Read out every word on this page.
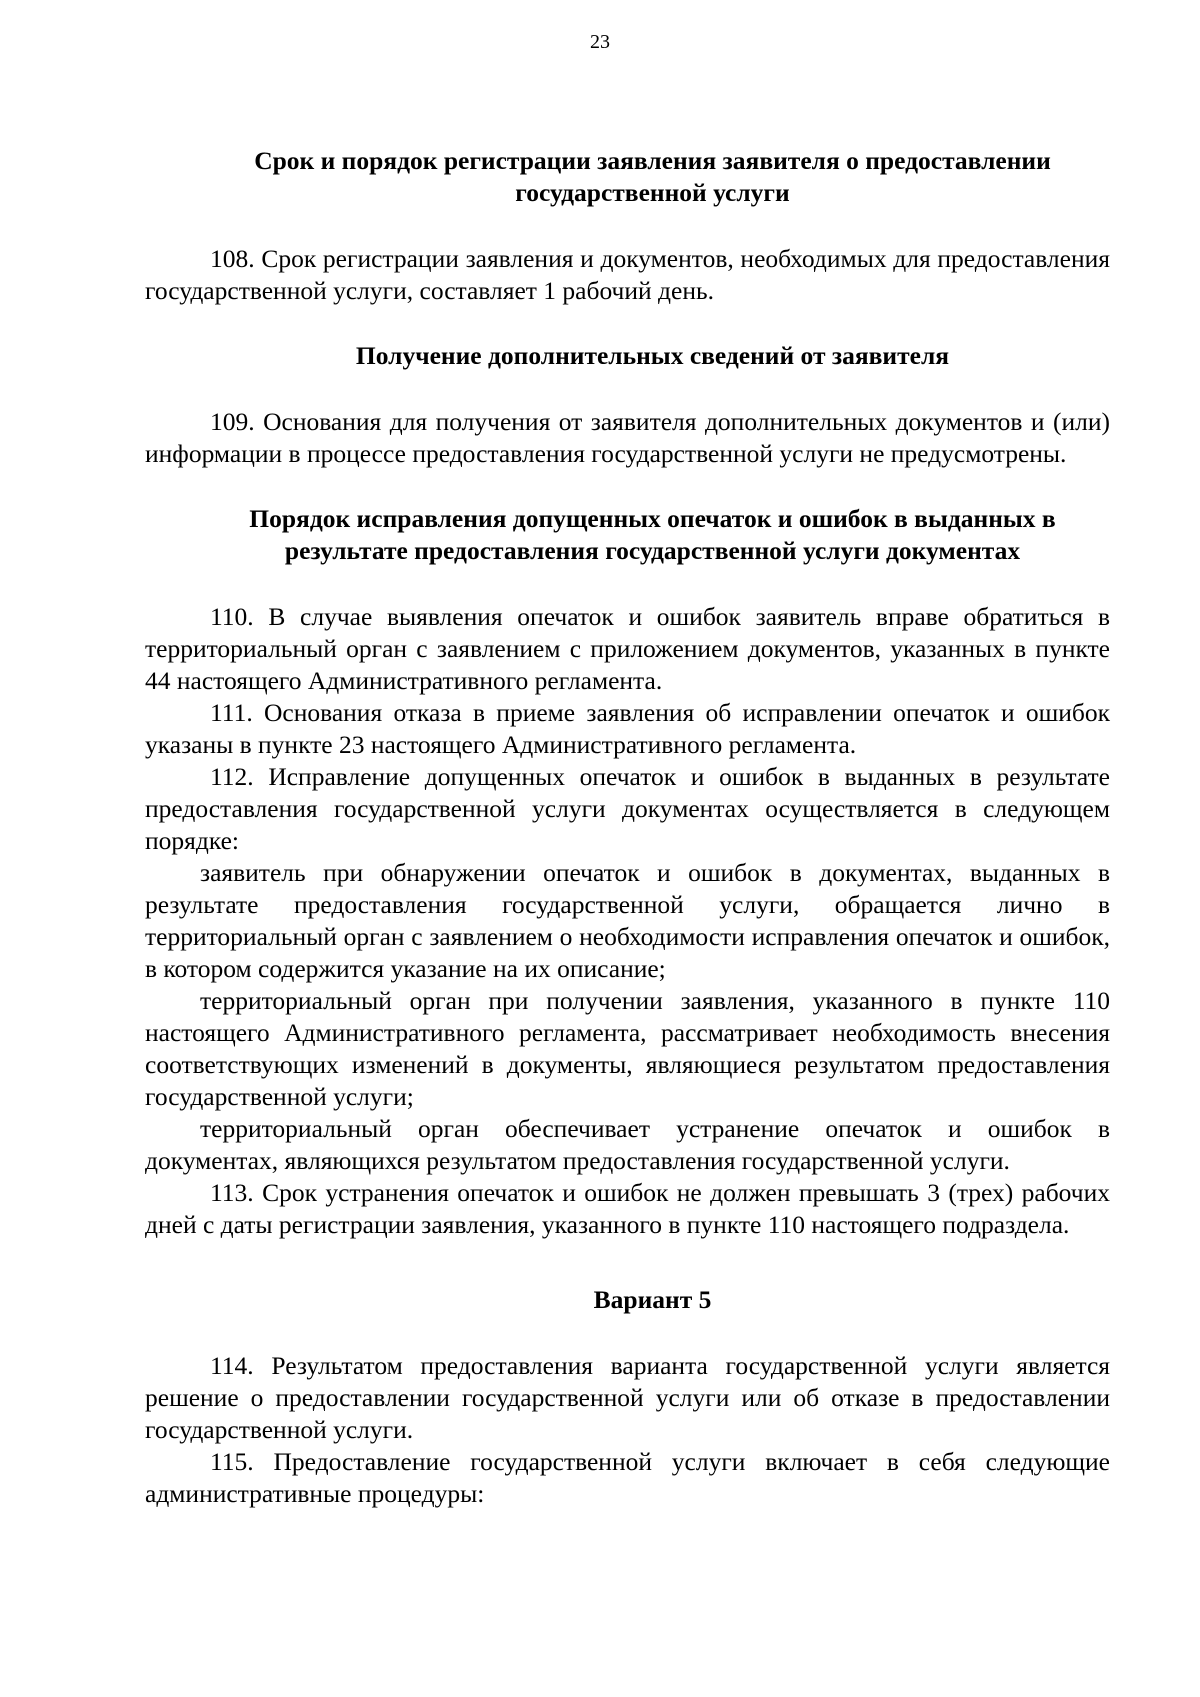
23

Срок и порядок регистрации заявления заявителя о предоставлении государственной услуги

108. Срок регистрации заявления и документов, необходимых для предоставления государственной услуги, составляет 1 рабочий день.

Получение дополнительных сведений от заявителя

109. Основания для получения от заявителя дополнительных документов и (или) информации в процессе предоставления государственной услуги не предусмотрены.

Порядок исправления допущенных опечаток и ошибок в выданных в результате предоставления государственной услуги документах

110. В случае выявления опечаток и ошибок заявитель вправе обратиться в территориальный орган с заявлением с приложением документов, указанных в пункте 44 настоящего Административного регламента.

111. Основания отказа в приеме заявления об исправлении опечаток и ошибок указаны в пункте 23 настоящего Административного регламента.

112. Исправление допущенных опечаток и ошибок в выданных в результате предоставления государственной услуги документах осуществляется в следующем порядке:

заявитель при обнаружении опечаток и ошибок в документах, выданных в результате предоставления государственной услуги, обращается лично в территориальный орган с заявлением о необходимости исправления опечаток и ошибок, в котором содержится указание на их описание;

территориальный орган при получении заявления, указанного в пункте 110 настоящего Административного регламента, рассматривает необходимость внесения соответствующих изменений в документы, являющиеся результатом предоставления государственной услуги;

территориальный орган обеспечивает устранение опечаток и ошибок в документах, являющихся результатом предоставления государственной услуги.

113. Срок устранения опечаток и ошибок не должен превышать 3 (трех) рабочих дней с даты регистрации заявления, указанного в пункте 110 настоящего подраздела.

Вариант 5

114. Результатом предоставления варианта государственной услуги является решение о предоставлении государственной услуги или об отказе в предоставлении государственной услуги.

115. Предоставление государственной услуги включает в себя следующие административные процедуры:
